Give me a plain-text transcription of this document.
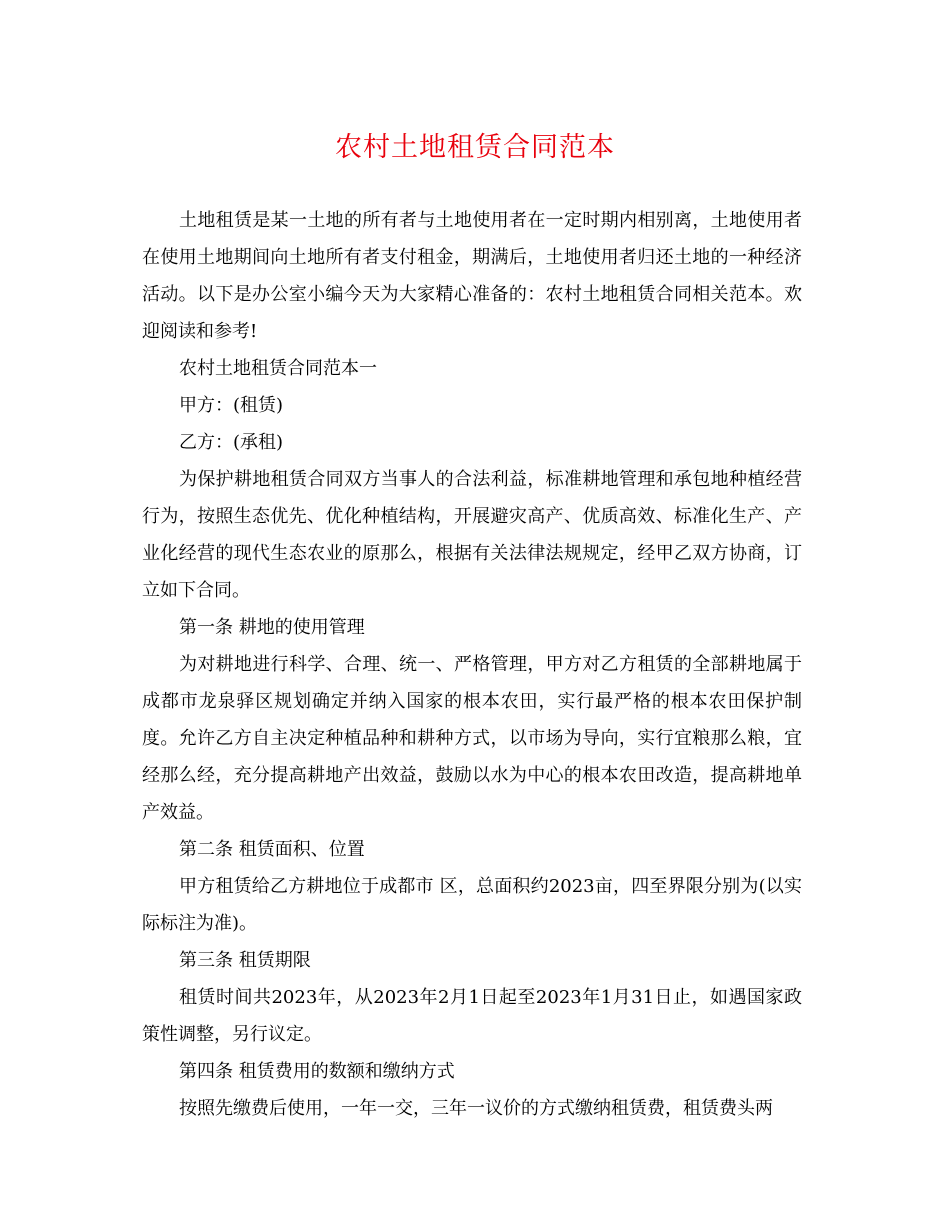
农村土地租赁合同范本

土地租赁是某一土地的所有者与土地使用者在一定时期内相别离，土地使用者在使用土地期间向土地所有者支付租金，期满后，土地使用者归还土地的一种经济活动。以下是办公室小编今天为大家精心准备的：农村土地租赁合同相关范本。欢迎阅读和参考!

农村土地租赁合同范本一

甲方：(租赁)

乙方：(承租)

为保护耕地租赁合同双方当事人的合法利益，标准耕地管理和承包地种植经营行为，按照生态优先、优化种植结构，开展避灾高产、优质高效、标准化生产、产业化经营的现代生态农业的原那么，根据有关法律法规规定，经甲乙双方协商，订立如下合同。

第一条 耕地的使用管理

为对耕地进行科学、合理、统一、严格管理，甲方对乙方租赁的全部耕地属于成都市龙泉驿区规划确定并纳入国家的根本农田，实行最严格的根本农田保护制度。允许乙方自主决定种植品种和耕种方式，以市场为导向，实行宜粮那么粮，宜经那么经，充分提高耕地产出效益，鼓励以水为中心的根本农田改造，提高耕地单产效益。

第二条 租赁面积、位置

甲方租赁给乙方耕地位于成都市 区，总面积约2023亩，四至界限分别为(以实际标注为准)。

第三条 租赁期限

租赁时间共2023年，从2023年2月1日起至2023年1月31日止，如遇国家政策性调整，另行议定。

第四条 租赁费用的数额和缴纳方式

按照先缴费后使用，一年一交，三年一议价的方式缴纳租赁费，租赁费头两
